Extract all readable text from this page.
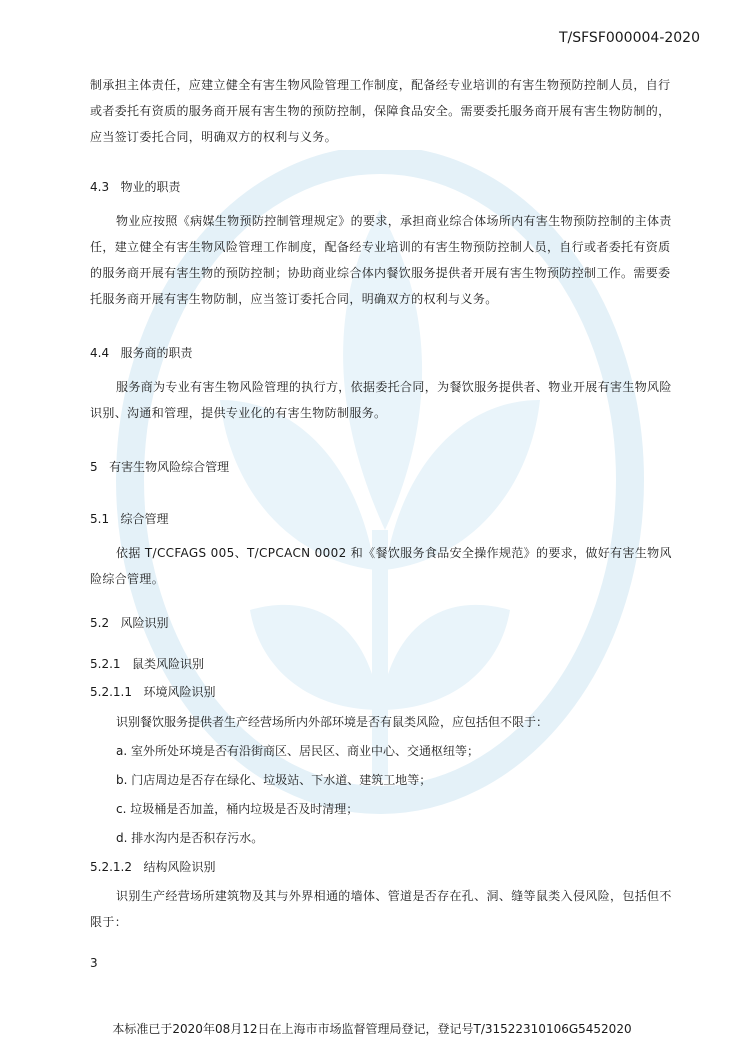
T/SFSF000004-2020
制承担主体责任，应建立健全有害生物风险管理工作制度，配备经专业培训的有害生物预防控制人员，自行或者委托有资质的服务商开展有害生物的预防控制，保障食品安全。需要委托服务商开展有害生物防制的，应当签订委托合同，明确双方的权利与义务。
4.3 物业的职责
物业应按照《病媒生物预防控制管理规定》的要求，承担商业综合体场所内有害生物预防控制的主体责任，建立健全有害生物风险管理工作制度，配备经专业培训的有害生物预防控制人员，自行或者委托有资质的服务商开展有害生物的预防控制；协助商业综合体内餐饮服务提供者开展有害生物预防控制工作。需要委托服务商开展有害生物防制，应当签订委托合同，明确双方的权利与义务。
4.4 服务商的职责
服务商为专业有害生物风险管理的执行方，依据委托合同，为餐饮服务提供者、物业开展有害生物风险识别、沟通和管理，提供专业化的有害生物防制服务。
5 有害生物风险综合管理
5.1 综合管理
依据 T/CCFAGS 005、T/CPCACN 0002 和《餐饮服务食品安全操作规范》的要求，做好有害生物风险综合管理。
5.2 风险识别
5.2.1 鼠类风险识别
5.2.1.1 环境风险识别
识别餐饮服务提供者生产经营场所内外部环境是否有鼠类风险，应包括但不限于：
a. 室外所处环境是否有沿街商区、居民区、商业中心、交通枢纽等；
b. 门店周边是否存在绿化、垃圾站、下水道、建筑工地等；
c. 垃圾桶是否加盖，桶内垃圾是否及时清理；
d. 排水沟内是否积存污水。
5.2.1.2 结构风险识别
识别生产经营场所建筑物及其与外界相通的墙体、管道是否存在孔、洞、缝等鼠类入侵风险，包括但不限于：
3
本标准已于2020年08月12日在上海市市场监督管理局登记，登记号T/31522310106G5452020
